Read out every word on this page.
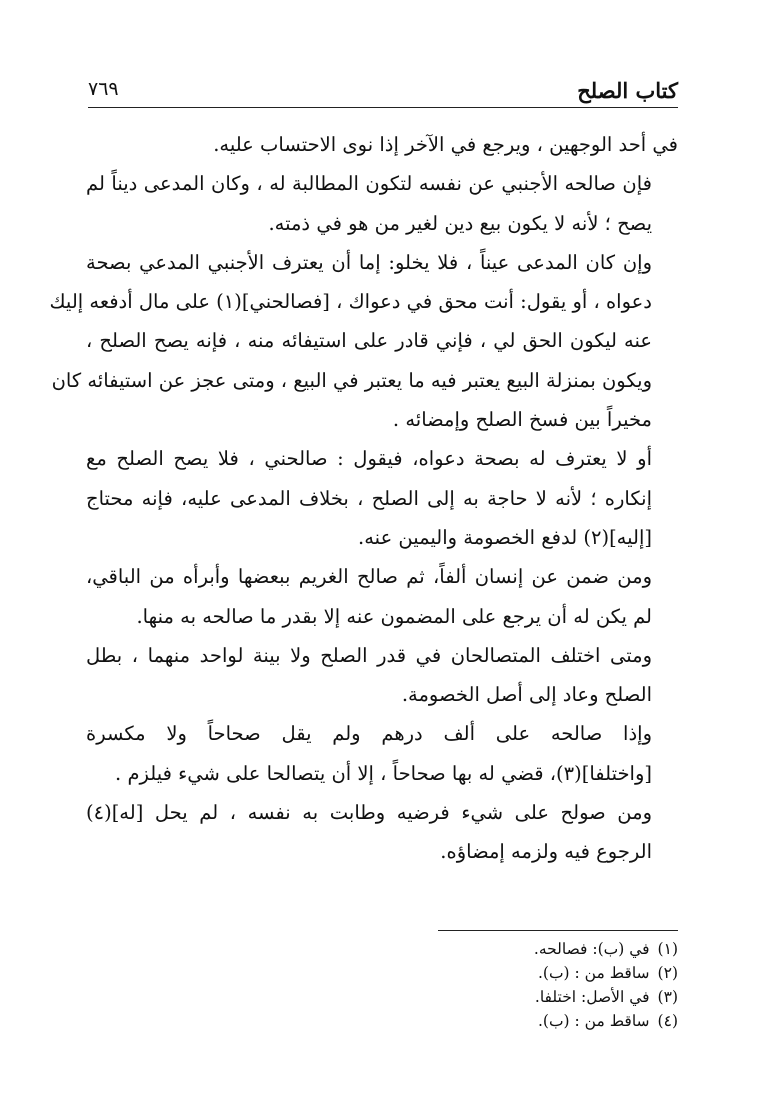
كتاب الصلح
٧٦٩

في أحد الوجهين ، ويرجع في الآخر إذا نوى الاحتساب عليه.

فإن صالحه الأجنبي عن نفسه لتكون المطالبة له ، وكان المدعى ديناً لم
يصح ؛ لأنه لا يكون بيع دين لغير من هو في ذمته.

وإن كان المدعى عيناً ، فلا يخلو: إما أن يعترف الأجنبي المدعي بصحة
دعواه ، أو يقول: أنت محق في دعواك ، [فصالحني](١) على مال أدفعه إليك
عنه ليكون الحق لي ، فإني قادر على استيفائه منه ، فإنه يصح الصلح ،
ويكون بمنزلة البيع يعتبر فيه ما يعتبر في البيع ، ومتى عجز عن استيفائه كان
مخيراً بين فسخ الصلح وإمضائه .

أو لا يعترف له بصحة دعواه، فيقول : صالحني ، فلا يصح الصلح مع
إنكاره ؛ لأنه لا حاجة به إلى الصلح ، بخلاف المدعى عليه، فإنه محتاج
[إليه](٢) لدفع الخصومة واليمين عنه.

ومن ضمن عن إنسان ألفاً، ثم صالح الغريم ببعضها وأبرأه من الباقي،
لم يكن له أن يرجع على المضمون عنه إلا بقدر ما صالحه به منها.

ومتى اختلف المتصالحان في قدر الصلح ولا بينة لواحد منهما ، بطل
الصلح وعاد إلى أصل الخصومة.

وإذا صالحه على ألف درهم ولم يقل صحاحاً ولا مكسرة
[واختلفا](٣)، قضي له بها صحاحاً ، إلا أن يتصالحا على شيء فيلزم .

ومن صولح على شيء فرضيه وطابت به نفسه ، لم يحل [له](٤)
الرجوع فيه ولزمه إمضاؤه.

(١)في (ب): فصالحه.
(٢)ساقط من : (ب).
(٣)في الأصل: اختلفا.
(٤)ساقط من : (ب).
